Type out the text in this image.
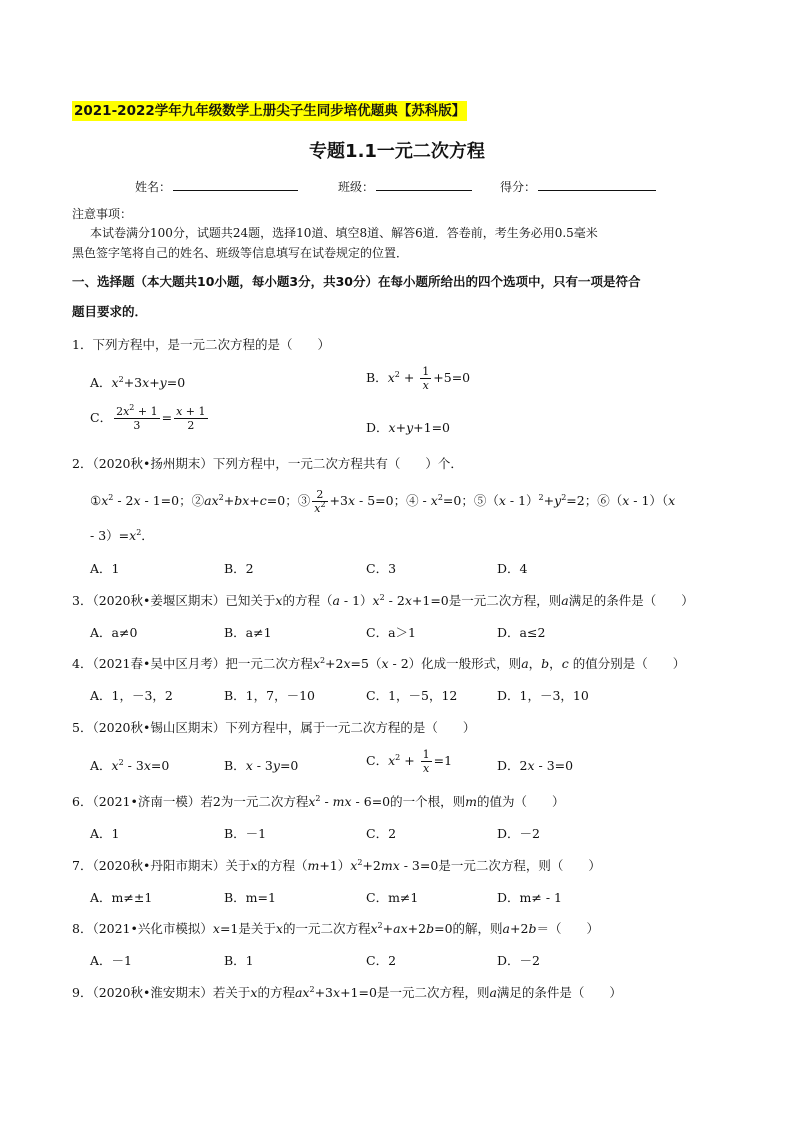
2021-2022学年九年级数学上册尖子生同步培优题典【苏科版】
专题1.1一元二次方程
姓名：	班级：	得分：
注意事项：
本试卷满分100分，试题共24题，选择10道、填空8道、解答6道．答卷前，考生务必用0.5毫米
黑色签字笔将自己的姓名、班级等信息填写在试卷规定的位置．
一、选择题（本大题共10小题，每小题3分，共30分）在每小题所给出的四个选项中，只有一项是符合
题目要求的．
1．下列方程中，是一元二次方程的是（　　）
A．$x^2+3x+y=0$	B．$x^2 + \frac{1}{x} +5=0$
C． $\frac{2x^2 + 1}{3} = \frac{x + 1}{2}$	D．x+y+1=0
2．（2020秋•扬州期末）下列方程中，一元二次方程共有（　　）个．
$①x^2 - 2x - 1=0$；$②ax^2+bx+c=0$；③ $\frac{2}{x^2} +3x - 5=0$；④ - $x^2=0$；⑤（x - $1)^2+y^2=2$；⑥（x - 1）（x
- $3)=x^2$．
A．1	B．2	C．3	D．4
3．（2020秋•姜堰区期末）已知关于x的方程$(a - 1)x^2 - 2x+1=0$是一元二次方程，则a满足的条件是（　　）
A．a≠0	B．a≠1	C．a＞1	D．a≤2
4．（2021春•吴中区月考）把一元二次方程$x^2+2x=5(x - 2)$化成一般形式，则a，b，c 的值分别是（　　）
A．1，－3，2	B．1，7，－10	C．1，－5，12	D．1，－3，10
5．（2020秋•锡山区期末）下列方程中，属于一元二次方程的是（　　）
A．$x^2 - 3x=0$	B．x - 3y=0	C．$x^2 + \frac{1}{x} =1$	D．2x - 3=0
6．（2021•济南一模）若2为一元二次方程$x^2$ - mx - 6=0的一个根，则m的值为（　　）
A．1	B．－1	C．2	D．－2
7．（2020秋•丹阳市期末）关于x的方程$(m+1)x^2+2mx - 3=0$是一元二次方程，则（　　）
A．m≠±1	B．m=1	C．m≠1	D．m≠ - 1
8．（2021•兴化市模拟）x=1是关于x的一元二次方程$x^2+ax+2b=0$的解，则a+2b＝（　　）
A．－1	B．1	C．2	D．－2
9．（2020秋•淮安期末）若关于x的方程$ax^2+3x+1=0$是一元二次方程，则a满足的条件是（　　）
